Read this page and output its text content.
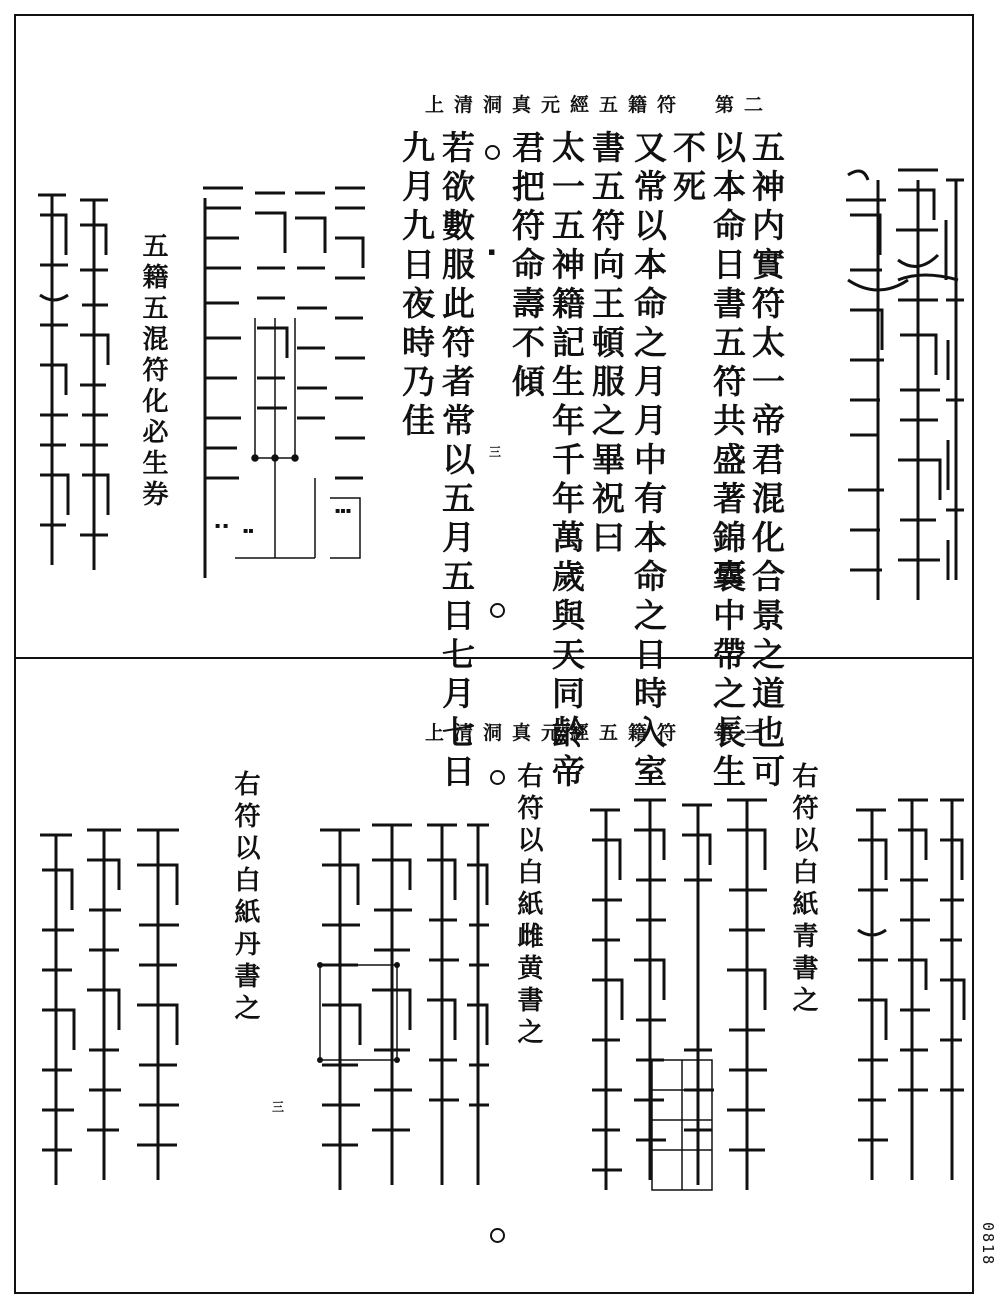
上清洞真元經五籍符　第二
五神内實符太一帝君混化合景之道也可
以本命日書五符共盛著錦囊中帶之長生
不死
又常以本命之月月中有本命之日時入室
書五符向王頓服之畢祝曰
太一五神籍記生年千年萬歲與天同齡帝
君把符命壽不傾
若欲數服此符者常以五月五日七月七日
九月九日夜時乃佳	▪
三
五籍五混符化必生券
▪ ▪
▪▪
▪▪▪
上清洞真元經五籍符　第三
右符以白紙青書之
右符以白紙雌黄書之
右符以白紙丹書之
三
0818
